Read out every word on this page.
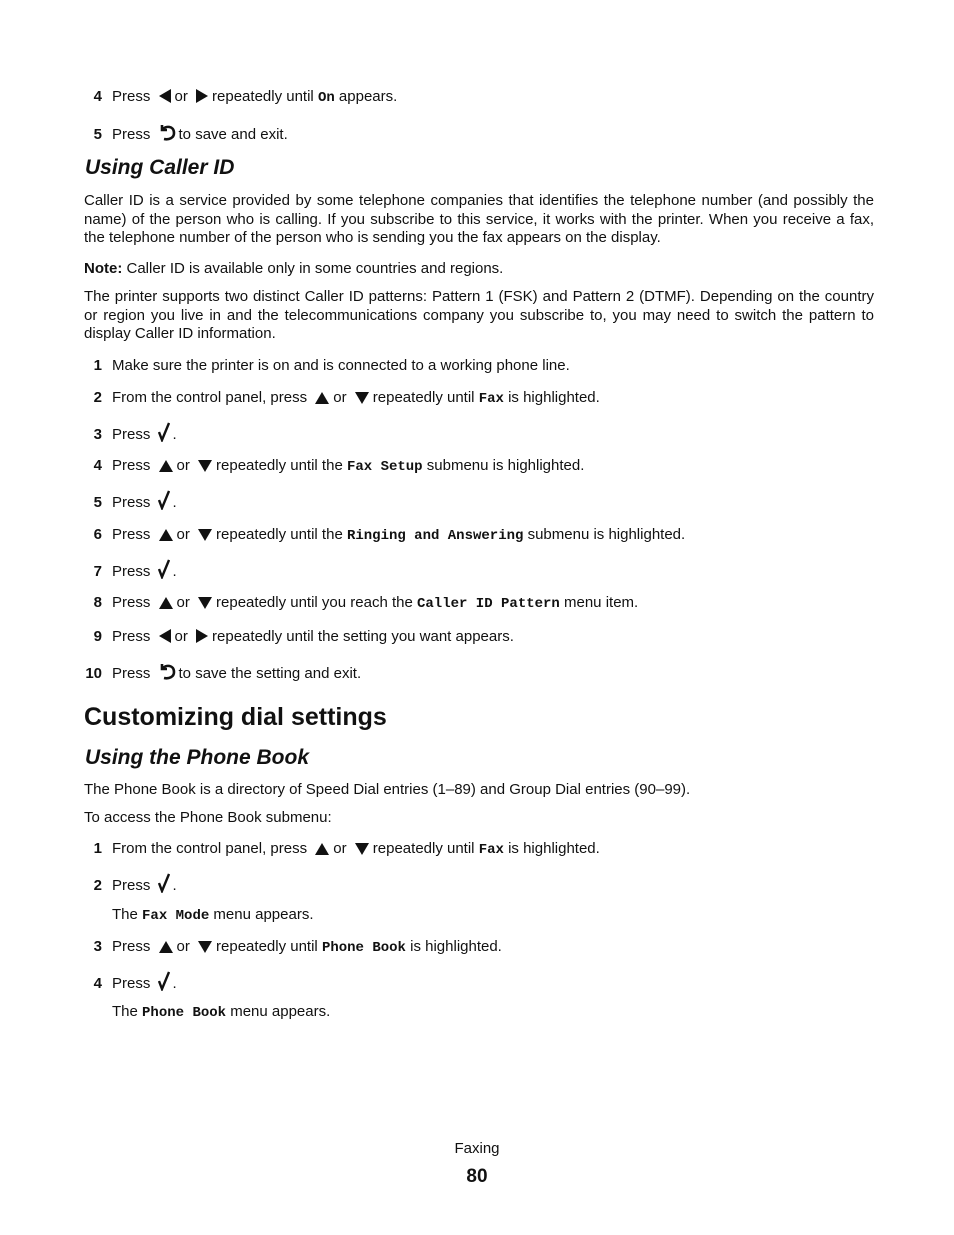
4 Press or repeatedly until On appears.
5 Press to save and exit.
Using Caller ID
Caller ID is a service provided by some telephone companies that identifies the telephone number (and possibly the name) of the person who is calling. If you subscribe to this service, it works with the printer. When you receive a fax, the telephone number of the person who is sending you the fax appears on the display.
Note: Caller ID is available only in some countries and regions.
The printer supports two distinct Caller ID patterns: Pattern 1 (FSK) and Pattern 2 (DTMF). Depending on the country or region you live in and the telecommunications company you subscribe to, you may need to switch the pattern to display Caller ID information.
1 Make sure the printer is on and is connected to a working phone line.
2 From the control panel, press or repeatedly until Fax is highlighted.
3 Press .
4 Press or repeatedly until the Fax Setup submenu is highlighted.
5 Press .
6 Press or repeatedly until the Ringing and Answering submenu is highlighted.
7 Press .
8 Press or repeatedly until you reach the Caller ID Pattern menu item.
9 Press or repeatedly until the setting you want appears.
10 Press to save the setting and exit.
Customizing dial settings
Using the Phone Book
The Phone Book is a directory of Speed Dial entries (1–89) and Group Dial entries (90–99).
To access the Phone Book submenu:
1 From the control panel, press or repeatedly until Fax is highlighted.
2 Press .
The Fax Mode menu appears.
3 Press or repeatedly until Phone Book is highlighted.
4 Press .
The Phone Book menu appears.
Faxing
80
